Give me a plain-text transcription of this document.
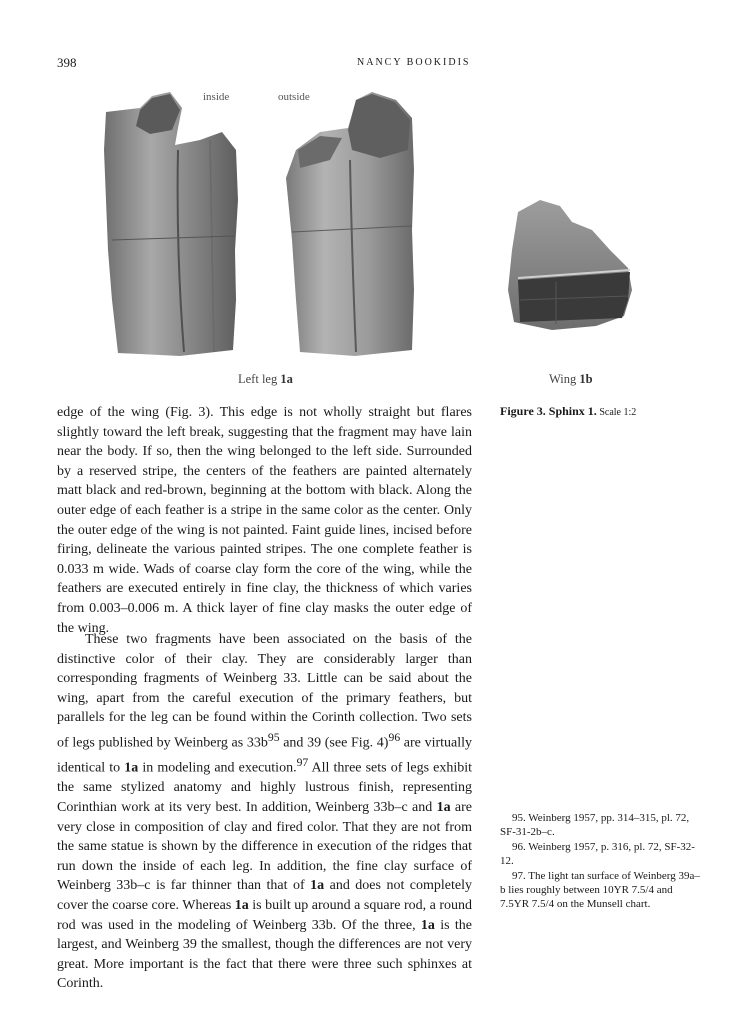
398	NANCY BOOKIDIS
inside	outside
Left leg 1a	Wing 1b
Figure 3. Sphinx 1. Scale 1:2

edge of the wing (Fig. 3). This edge is not wholly straight but flares slightly toward the left break, suggesting that the fragment may have lain near the body. If so, then the wing belonged to the left side. Surrounded by a reserved stripe, the centers of the feathers are painted alternately matt black and red-brown, beginning at the bottom with black. Along the outer edge of each feather is a stripe in the same color as the center. Only the outer edge of the wing is not painted. Faint guide lines, incised before firing, delineate the various painted stripes. The one complete feather is 0.033 m wide. Wads of coarse clay form the core of the wing, while the feathers are executed entirely in fine clay, the thickness of which varies from 0.003–0.006 m. A thick layer of fine clay masks the outer edge of the wing.

These two fragments have been associated on the basis of the distinctive color of their clay. They are considerably larger than corresponding fragments of Weinberg 33. Little can be said about the wing, apart from the careful execution of the primary feathers, but parallels for the leg can be found within the Corinth collection. Two sets of legs published by Weinberg as $33b^{95}$ and 39 (see Fig. 4)$^{96}$ are virtually identical to 1a in modeling and execution.$^{97}$ All three sets of legs exhibit the same stylized anatomy and highly lustrous finish, representing Corinthian work at its very best. In addition, Weinberg 33b–c and 1a are very close in composition of clay and fired color. That they are not from the same statue is shown by the difference in execution of the ridges that run down the inside of each leg. In addition, the fine clay surface of Weinberg 33b–c is far thinner than that of 1a and does not completely cover the coarse core. Whereas 1a is built up around a square rod, a round rod was used in the modeling of Weinberg 33b. Of the three, 1a is the largest, and Weinberg 39 the smallest, though the differences are not very great. More important is the fact that there were three such sphinxes at Corinth.

95. Weinberg 1957, pp. 314–315, pl. 72, SF-31-2b–c.

96. Weinberg 1957, p. 316, pl. 72, SF-32-12.

97. The light tan surface of Weinberg 39a–b lies roughly between 10YR 7.5/4 and 7.5YR 7.5/4 on the Munsell chart.
